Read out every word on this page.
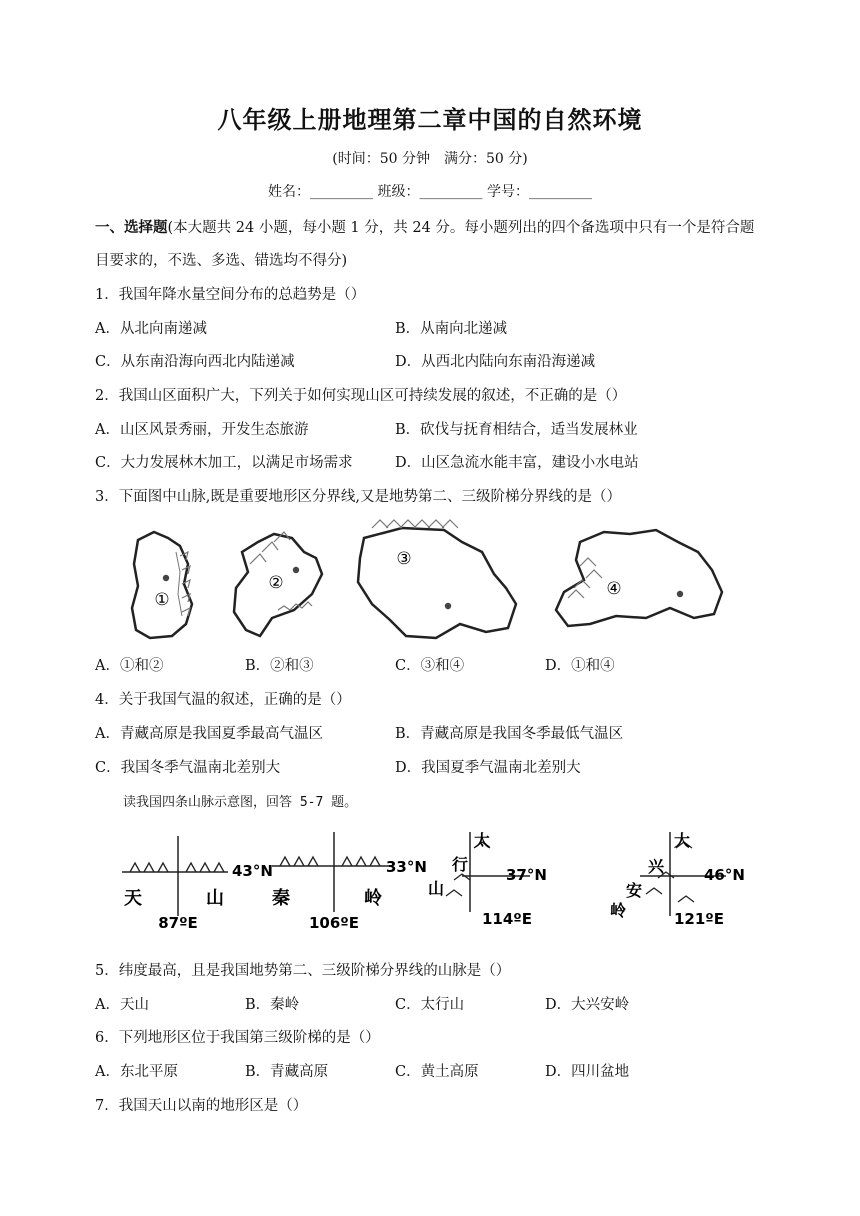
八年级上册地理第二章中国的自然环境
(时间：50 分钟　满分：50 分)
姓名：_________ 班级：_________ 学号：_________
一、选择题(本大题共 24 小题，每小题 1 分，共 24 分。每小题列出的四个备选项中只有一个是符合题
目要求的，不选、多选、错选均不得分)
1．我国年降水量空间分布的总趋势是（）
A．从北向南递减	B．从南向北递减
C．从东南沿海向西北内陆递减	D．从西北内陆向东南沿海递减
2．我国山区面积广大，下列关于如何实现山区可持续发展的叙述，不正确的是（）
A．山区风景秀丽，开发生态旅游	B．砍伐与抚育相结合，适当发展林业
C．大力发展林木加工，以满足市场需求	D．山区急流水能丰富，建设小水电站
3．下面图中山脉,既是重要地形区分界线,又是地势第二、三级阶梯分界线的是（）
①
②
③
④
A．①和②	B．②和③	C．③和④	D．①和④
4．关于我国气温的叙述，正确的是（）
A．青藏高原是我国夏季最高气温区	B．青藏高原是我国冬季最低气温区
C．我国冬季气温南北差别大	D．我国夏季气温南北差别大
读我国四条山脉示意图，回答 5-7 题。
43°N
天	山
87ºE
33°N
秦	岭
106ºE
太
行
山
37°N
114ºE
大
兴
安
岭
46°N
121ºE
5．纬度最高，且是我国地势第二、三级阶梯分界线的山脉是（）
A．天山	B．秦岭	C．太行山	D．大兴安岭
6．下列地形区位于我国第三级阶梯的是（）
A．东北平原	B．青藏高原	C．黄土高原	D．四川盆地
7．我国天山以南的地形区是（）
